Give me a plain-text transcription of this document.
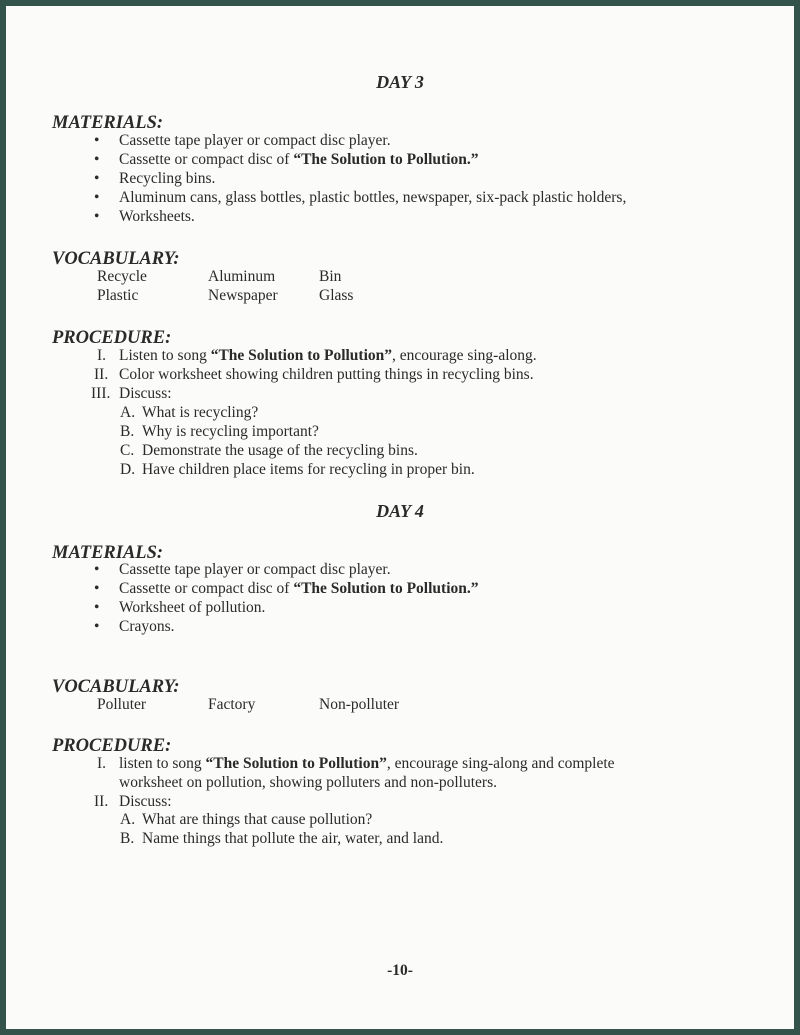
DAY 3
MATERIALS:
• Cassette tape player or compact disc player.
• Cassette or compact disc of “The Solution to Pollution.”
• Recycling bins.
• Aluminum cans, glass bottles, plastic bottles, newspaper, six-pack plastic holders,
• Worksheets.
VOCABULARY:
Recycle	Aluminum	Bin
Plastic	Newspaper	Glass
PROCEDURE:
I. Listen to song “The Solution to Pollution”, encourage sing-along.
II. Color worksheet showing children putting things in recycling bins.
III. Discuss:
A. What is recycling?
B. Why is recycling important?
C. Demonstrate the usage of the recycling bins.
D. Have children place items for recycling in proper bin.
DAY 4
MATERIALS:
• Cassette tape player or compact disc player.
• Cassette or compact disc of “The Solution to Pollution.”
• Worksheet of pollution.
• Crayons.
VOCABULARY:
Polluter	Factory	Non-polluter
PROCEDURE:
I. listen to song “The Solution to Pollution”, encourage sing-along and complete
worksheet on pollution, showing polluters and non-polluters.
II. Discuss:
A. What are things that cause pollution?
B. Name things that pollute the air, water, and land.
-10-
